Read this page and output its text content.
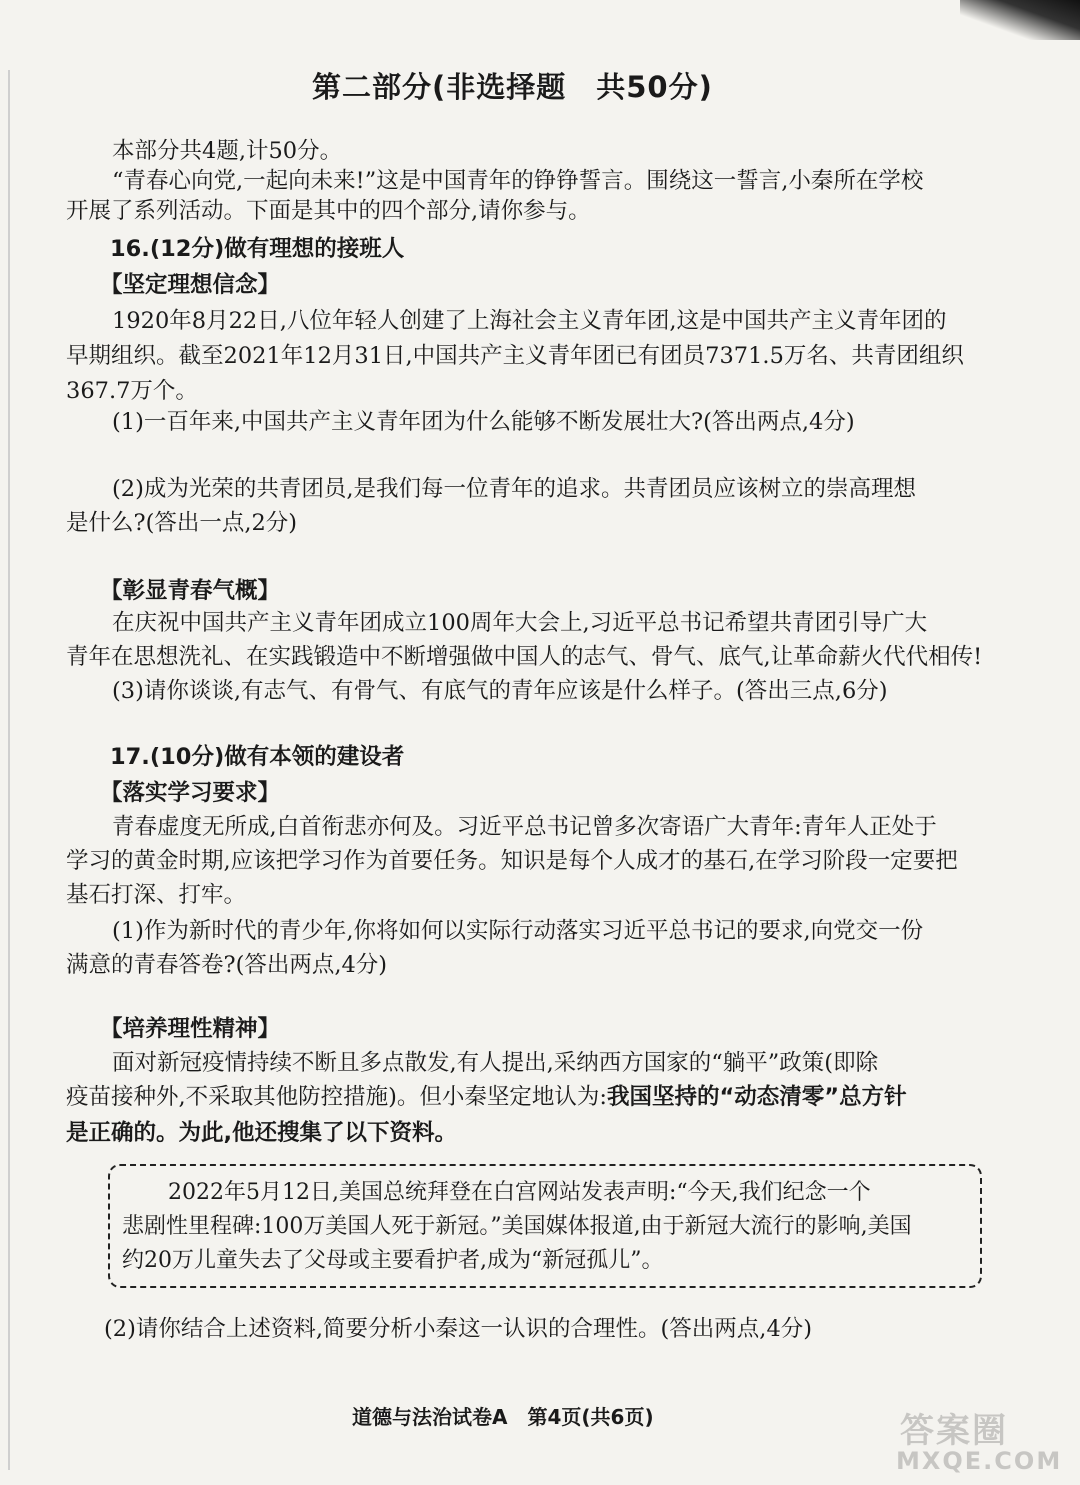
第二部分(非选择题　共50分)
本部分共4题,计50分。
“青春心向党,一起向未来!”这是中国青年的铮铮誓言。围绕这一誓言,小秦所在学校
开展了系列活动。下面是其中的四个部分,请你参与。
16.(12分)做有理想的接班人
【坚定理想信念】
1920年8月22日,八位年轻人创建了上海社会主义青年团,这是中国共产主义青年团的
早期组织。截至2021年12月31日,中国共产主义青年团已有团员7371.5万名、共青团组织
367.7万个。
(1)一百年来,中国共产主义青年团为什么能够不断发展壮大?(答出两点,4分)
(2)成为光荣的共青团员,是我们每一位青年的追求。共青团员应该树立的崇高理想
是什么?(答出一点,2分)
【彰显青春气概】
在庆祝中国共产主义青年团成立100周年大会上,习近平总书记希望共青团引导广大
青年在思想洗礼、在实践锻造中不断增强做中国人的志气、骨气、底气,让革命薪火代代相传!
(3)请你谈谈,有志气、有骨气、有底气的青年应该是什么样子。(答出三点,6分)
17.(10分)做有本领的建设者
【落实学习要求】
青春虚度无所成,白首衔悲亦何及。习近平总书记曾多次寄语广大青年:青年人正处于
学习的黄金时期,应该把学习作为首要任务。知识是每个人成才的基石,在学习阶段一定要把
基石打深、打牢。
(1)作为新时代的青少年,你将如何以实际行动落实习近平总书记的要求,向党交一份
满意的青春答卷?(答出两点,4分)
【培养理性精神】
面对新冠疫情持续不断且多点散发,有人提出,采纳西方国家的“躺平”政策(即除
疫苗接种外,不采取其他防控措施)。但小秦坚定地认为:我国坚持的“动态清零”总方针
是正确的。为此,他还搜集了以下资料。
2022年5月12日,美国总统拜登在白宫网站发表声明:“今天,我们纪念一个
悲剧性里程碑:100万美国人死于新冠。”美国媒体报道,由于新冠大流行的影响,美国
约20万儿童失去了父母或主要看护者,成为“新冠孤儿”。
(2)请你结合上述资料,简要分析小秦这一认识的合理性。(答出两点,4分)
道德与法治试卷A　第4页(共6页)	答案圈
MXQE.COM
